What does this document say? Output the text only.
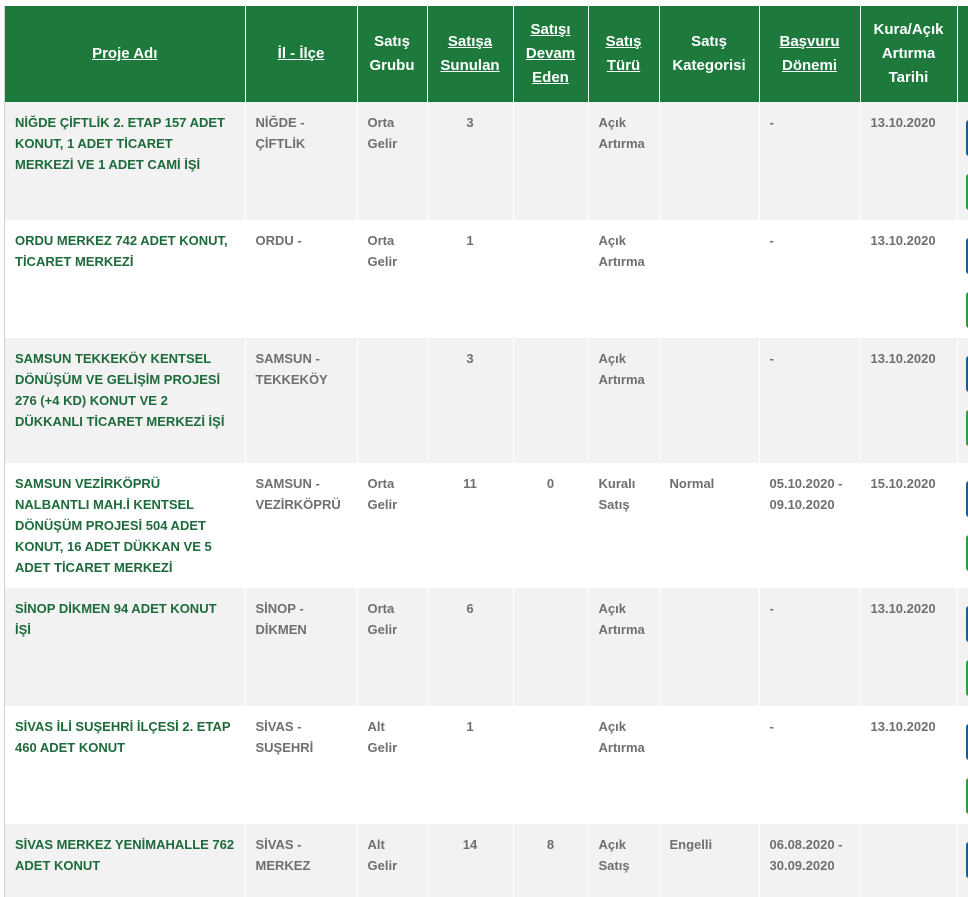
Proje Adı	İl - İlçe	Satış Grubu	Satışa Sunulan	Satışı Devam Eden	Satış Türü	Satış Kategorisi	Başvuru Dönemi	Kura/Açık Artırma Tarihi	
NİĞDE ÇİFTLİK 2. ETAP 157 ADET KONUT, 1 ADET TİCARET MERKEZİ VE 1 ADET CAMİ İŞİ	NİĞDE - ÇİFTLİK	Orta Gelir	3		Açık Artırma		-	13.10.2020	

ORDU MERKEZ 742 ADET KONUT, TİCARET MERKEZİ	ORDU -	Orta Gelir	1		Açık Artırma		-	13.10.2020	

SAMSUN TEKKEKÖY KENTSEL DÖNÜŞÜM VE GELİŞİM PROJESİ 276 (+4 KD) KONUT VE 2 DÜKKANLI TİCARET MERKEZİ İŞİ	SAMSUN - TEKKEKÖY		3		Açık Artırma		-	13.10.2020	

SAMSUN VEZİRKÖPRÜ NALBANTLI MAH.İ KENTSEL DÖNÜŞÜM PROJESİ 504 ADET KONUT, 16 ADET DÜKKAN VE 5 ADET TİCARET MERKEZİ	SAMSUN - VEZİRKÖPRÜ	Orta Gelir	11	0	Kuralı Satış	Normal	05.10.2020 - 09.10.2020	15.10.2020	

SİNOP DİKMEN 94 ADET KONUT İŞİ	SİNOP - DİKMEN	Orta Gelir	6		Açık Artırma		-	13.10.2020	

SİVAS İLİ SUŞEHRİ İLÇESİ 2. ETAP 460 ADET KONUT	SİVAS - SUŞEHRİ	Alt Gelir	1		Açık Artırma		-	13.10.2020	

SİVAS MERKEZ YENİMAHALLE 762 ADET KONUT	SİVAS - MERKEZ	Alt Gelir	14	8	Açık Satış	Engelli	06.08.2020 - 30.09.2020		
